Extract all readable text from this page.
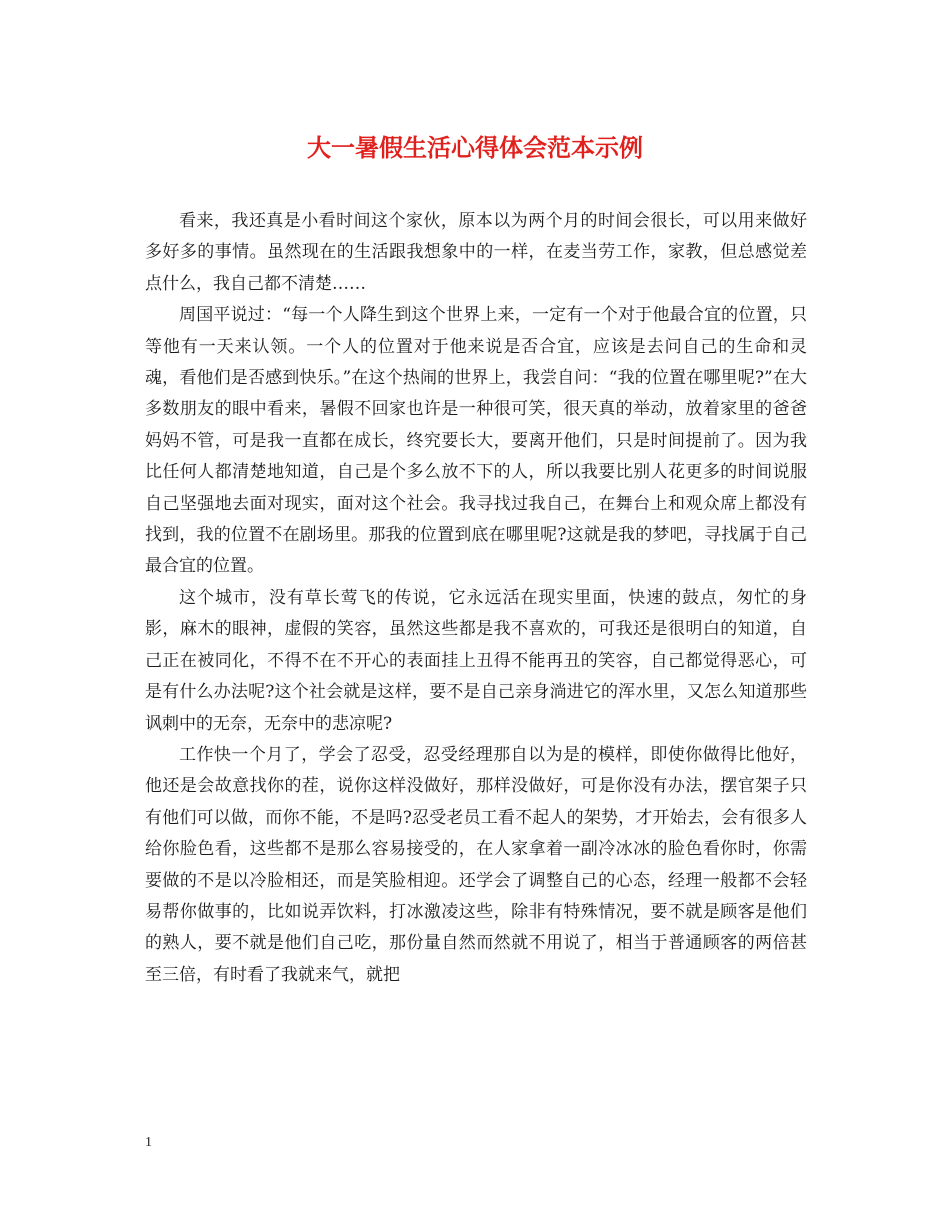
大一暑假生活心得体会范本示例

看来，我还真是小看时间这个家伙，原本以为两个月的时间会很长，可以用来做好多好多的事情。虽然现在的生活跟我想象中的一样，在麦当劳工作，家教，但总感觉差点什么，我自己都不清楚……

周国平说过：“每一个人降生到这个世界上来，一定有一个对于他最合宜的位置，只等他有一天来认领。一个人的位置对于他来说是否合宜，应该是去问自己的生命和灵魂，看他们是否感到快乐。”在这个热闹的世界上，我尝自问：“我的位置在哪里呢?”在大多数朋友的眼中看来，暑假不回家也许是一种很可笑，很天真的举动，放着家里的爸爸妈妈不管，可是我一直都在成长，终究要长大，要离开他们，只是时间提前了。因为我比任何人都清楚地知道，自己是个多么放不下的人，所以我要比别人花更多的时间说服自己坚强地去面对现实，面对这个社会。我寻找过我自己，在舞台上和观众席上都没有找到，我的位置不在剧场里。那我的位置到底在哪里呢?这就是我的梦吧，寻找属于自己最合宜的位置。

这个城市，没有草长莺飞的传说，它永远活在现实里面，快速的鼓点，匆忙的身影，麻木的眼神，虚假的笑容，虽然这些都是我不喜欢的，可我还是很明白的知道，自己正在被同化，不得不在不开心的表面挂上丑得不能再丑的笑容，自己都觉得恶心，可是有什么办法呢?这个社会就是这样，要不是自己亲身淌进它的浑水里，又怎么知道那些讽刺中的无奈，无奈中的悲凉呢?

工作快一个月了，学会了忍受，忍受经理那自以为是的模样，即使你做得比他好，他还是会故意找你的茬，说你这样没做好，那样没做好，可是你没有办法，摆官架子只有他们可以做，而你不能，不是吗?忍受老员工看不起人的架势，才开始去，会有很多人给你脸色看，这些都不是那么容易接受的，在人家拿着一副冷冰冰的脸色看你时，你需要做的不是以冷脸相还，而是笑脸相迎。还学会了调整自己的心态，经理一般都不会轻易帮你做事的，比如说弄饮料，打冰激凌这些，除非有特殊情况，要不就是顾客是他们的熟人，要不就是他们自己吃，那份量自然而然就不用说了，相当于普通顾客的两倍甚至三倍，有时看了我就来气，就把

1
